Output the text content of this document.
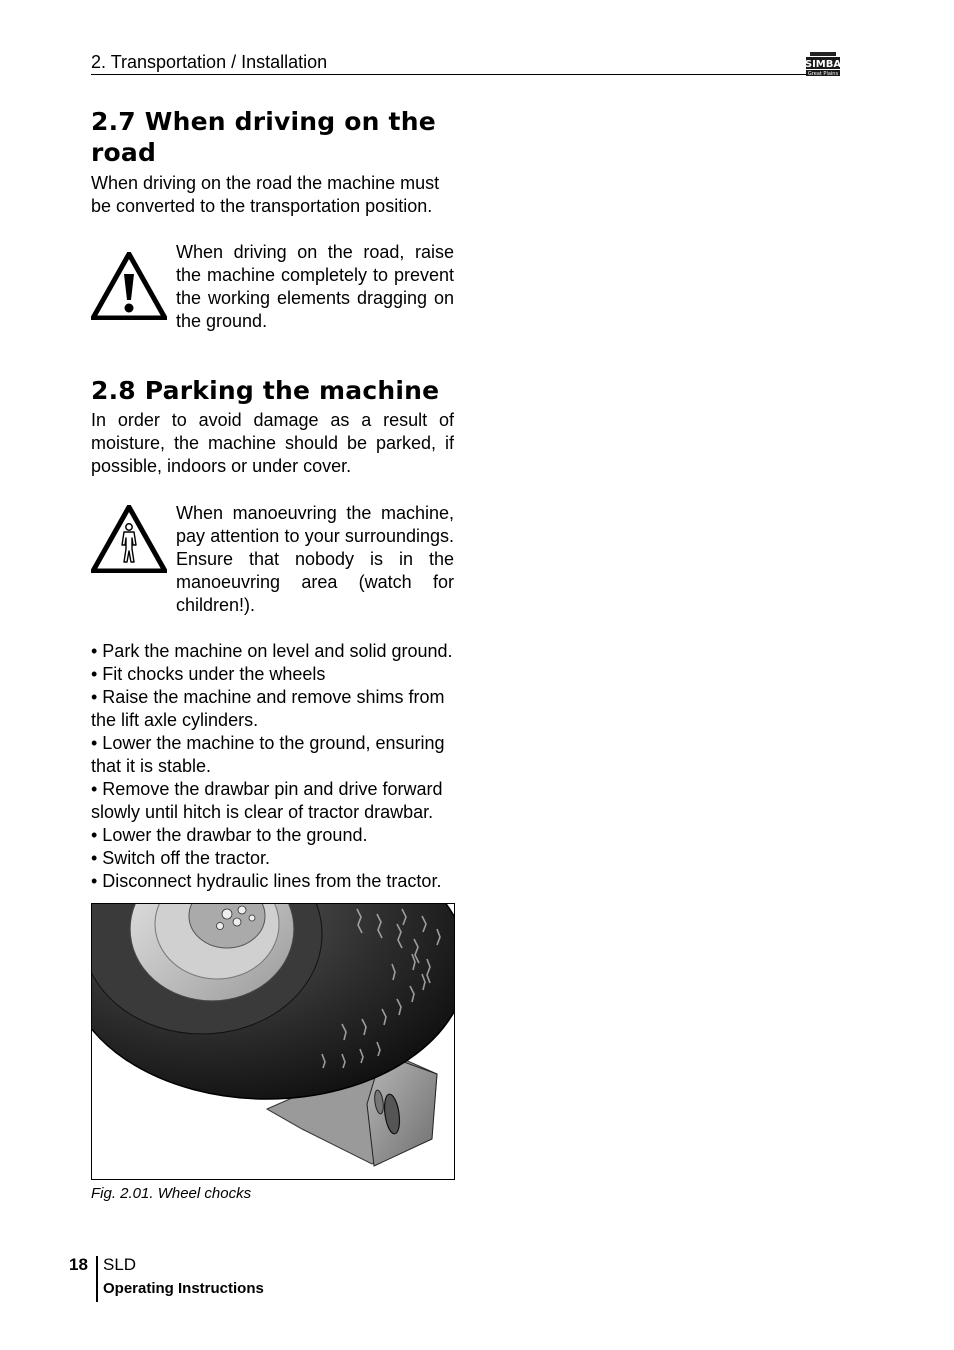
2. Transportation / Installation	SIMBA
Great Plains
2.7 When driving on the road
When driving on the road the machine must be converted to the transportation position.
When driving on the road, raise the machine completely to prevent the working elements dragging on the ground.
2.8 Parking the machine
In order to avoid damage as a result of moisture, the machine should be parked, if possible, indoors or under cover.
When manoeuvring the machine, pay attention to your surroundings. Ensure that nobody is in the manoeuvring area (watch for children!).
• Park the machine on level and solid ground.
• Fit chocks under the wheels
• Raise the machine and remove shims from the lift axle cylinders.
• Lower the machine to the ground, ensuring that it is stable.
• Remove the drawbar pin and drive forward slowly until hitch is clear of tractor drawbar.
• Lower the drawbar to the ground.
• Switch off the tractor.
• Disconnect hydraulic lines from the tractor.
Fig. 2.01. Wheel chocks
18 SLD
Operating Instructions
